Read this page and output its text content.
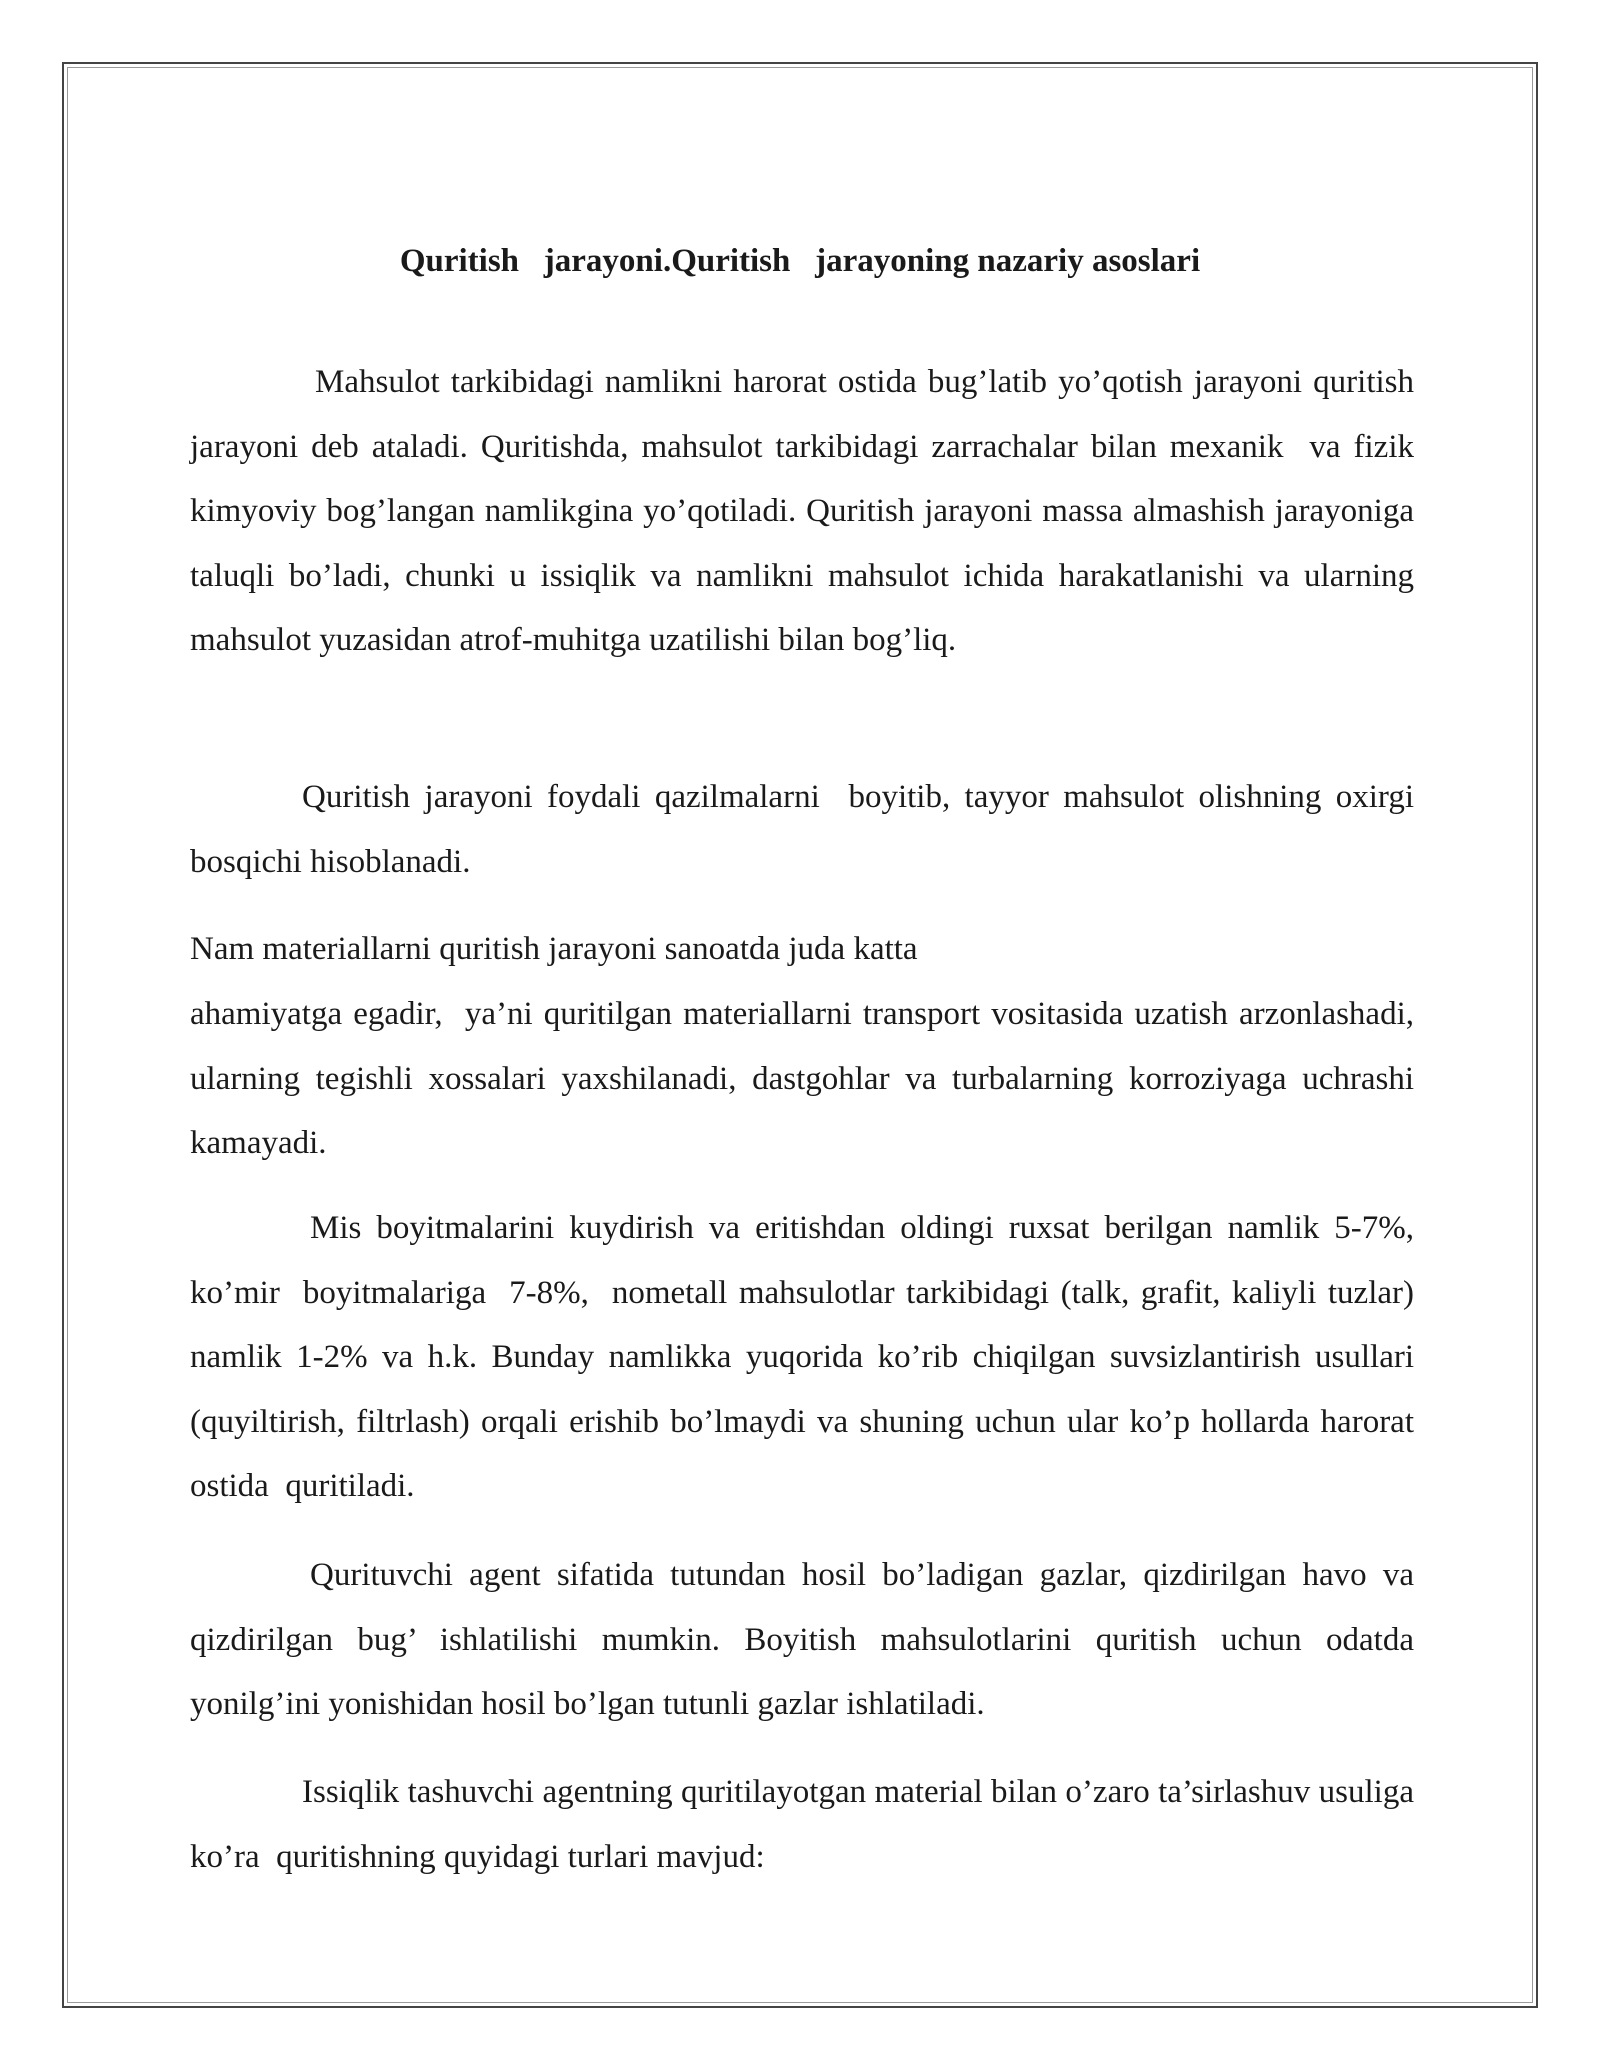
Quritish   jarayoni.Quritish   jarayoning nazariy asoslari

Mahsulot tarkibidagi namlikni harorat ostida bug’latib yo’qotish jarayoni quritish jarayoni deb ataladi. Quritishda, mahsulot tarkibidagi zarrachalar bilan mexanik  va fizik kimyoviy bog’langan namlikgina yo’qotiladi. Quritish jarayoni massa almashish jarayoniga taluqli bo’ladi, chunki u issiqlik va namlikni mahsulot ichida harakatlanishi va ularning mahsulot yuzasidan atrof-muhitga uzatilishi bilan bog’liq.

Quritish jarayoni foydali qazilmalarni  boyitib, tayyor mahsulot olishning oxirgi bosqichi hisoblanadi.

Nam materiallarni quritish jarayoni sanoatda juda katta

ahamiyatga egadir,  ya’ni quritilgan materiallarni transport vositasida uzatish arzonlashadi, ularning tegishli xossalari yaxshilanadi, dastgohlar va turbalarning korroziyaga uchrashi kamayadi.

Mis boyitmalarini kuydirish va eritishdan oldingi ruxsat berilgan namlik 5-7%, ko’mir  boyitmalariga  7-8%,  nometall mahsulotlar tarkibidagi (talk, grafit, kaliyli tuzlar) namlik 1-2% va h.k. Bunday namlikka yuqorida ko’rib chiqilgan suvsizlantirish usullari (quyiltirish, filtrlash) orqali erishib bo’lmaydi va shuning uchun ular ko’p hollarda harorat ostida  quritiladi.

Qurituvchi agent sifatida tutundan hosil bo’ladigan gazlar, qizdirilgan havo va qizdirilgan bug’ ishlatilishi mumkin. Boyitish mahsulotlarini quritish uchun odatda yonilg’ini yonishidan hosil bo’lgan tutunli gazlar ishlatiladi.

Issiqlik tashuvchi agentning quritilayotgan material bilan o’zaro ta’sirlashuv usuliga ko’ra  quritishning quyidagi turlari mavjud:
